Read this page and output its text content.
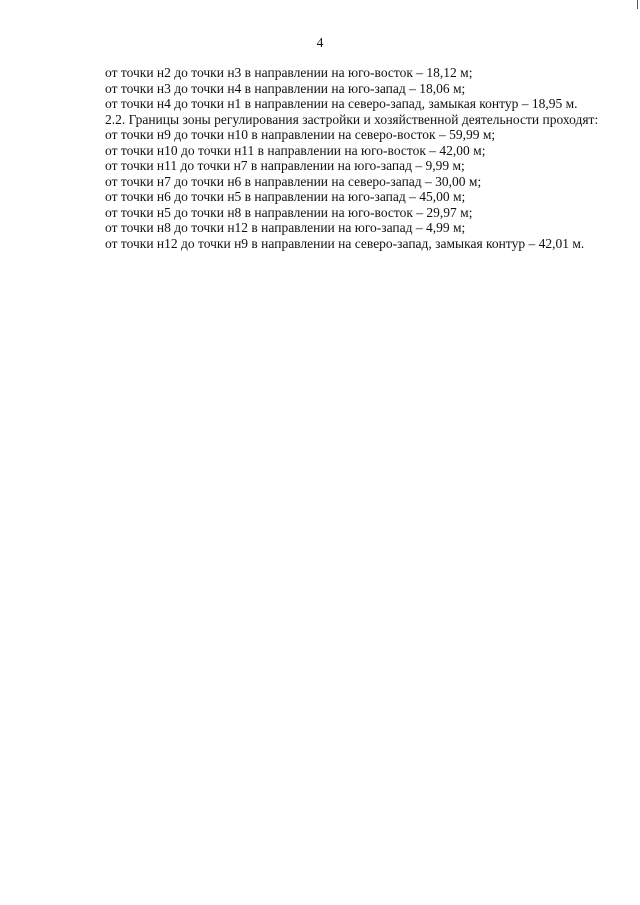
4

от точки н2 до точки н3 в направлении на юго-восток – 18,12 м;

от точки н3 до точки н4 в направлении на юго-запад – 18,06 м;

от точки н4 до точки н1 в направлении на северо-запад, замыкая контур – 18,95 м.

2.2. Границы зоны регулирования застройки и хозяйственной деятельности проходят:

от точки н9 до точки н10 в направлении на северо-восток – 59,99 м;

от точки н10 до точки н11 в направлении на юго-восток – 42,00 м;

от точки н11 до точки н7 в направлении на юго-запад – 9,99 м;

от точки н7 до точки н6 в направлении на северо-запад – 30,00 м;

от точки н6 до точки н5 в направлении на юго-запад – 45,00 м;

от точки н5 до точки н8 в направлении на юго-восток – 29,97 м;

от точки н8 до точки н12 в направлении на юго-запад – 4,99 м;

от точки н12 до точки н9 в направлении на северо-запад, замыкая контур – 42,01 м.
